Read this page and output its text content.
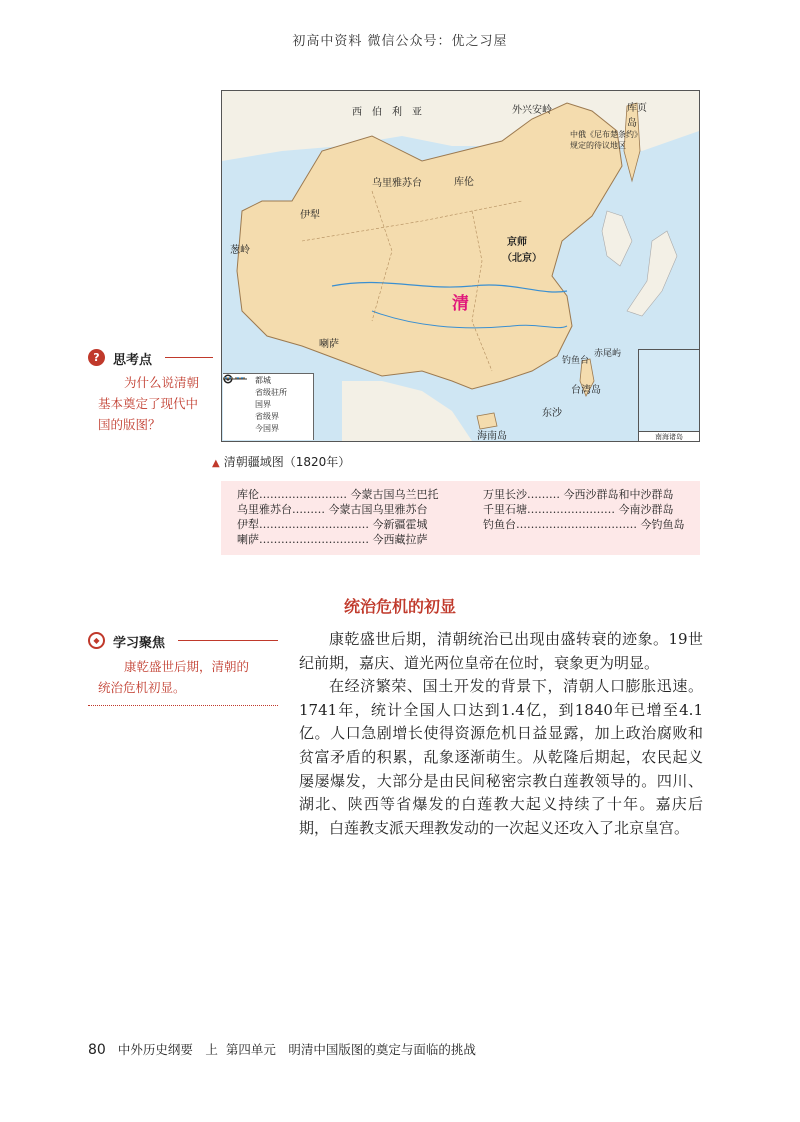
初高中资料 微信公众号：优之习屋
西　伯　利　亚	外兴安岭	库页岛
中俄《尼布楚条约》规定的待议地区
乌里雅苏台	库伦
伊犁
葱岭
京师
（北京）
喇萨
钓鱼台
赤尾屿
台湾岛
东沙
海南岛
清
南海诸岛
都城
省级驻所
国界
省级界
今国界
?	思考点
为什么说清朝
基本奠定了现代中
国的版图？
▲ 清朝疆域图（1820年）
库伦…………………… 今蒙古国乌兰巴托
乌里雅苏台……… 今蒙古国乌里雅苏台
伊犁………………………… 今新疆霍城
喇萨………………………… 今西藏拉萨
万里长沙……… 今西沙群岛和中沙群岛
千里石塘…………………… 今南沙群岛
钓鱼台…………………………… 今钓鱼岛
统治危机的初显
◆	学习聚焦
康乾盛世后期，清朝的
统治危机初显。

康乾盛世后期，清朝统治已出现由盛转衰的迹象。19世纪前期，嘉庆、道光两位皇帝在位时，衰象更为明显。

在经济繁荣、国土开发的背景下，清朝人口膨胀迅速。1741年，统计全国人口达到1.4亿，到1840年已增至4.1亿。人口急剧增长使得资源危机日益显露，加上政治腐败和贫富矛盾的积累，乱象逐渐萌生。从乾隆后期起，农民起义屡屡爆发，大部分是由民间秘密宗教白莲教领导的。四川、湖北、陕西等省爆发的白莲教大起义持续了十年。嘉庆后期，白莲教支派天理教发动的一次起义还攻入了北京皇宫。

80 中外历史纲要　上 第四单元　明清中国版图的奠定与面临的挑战
